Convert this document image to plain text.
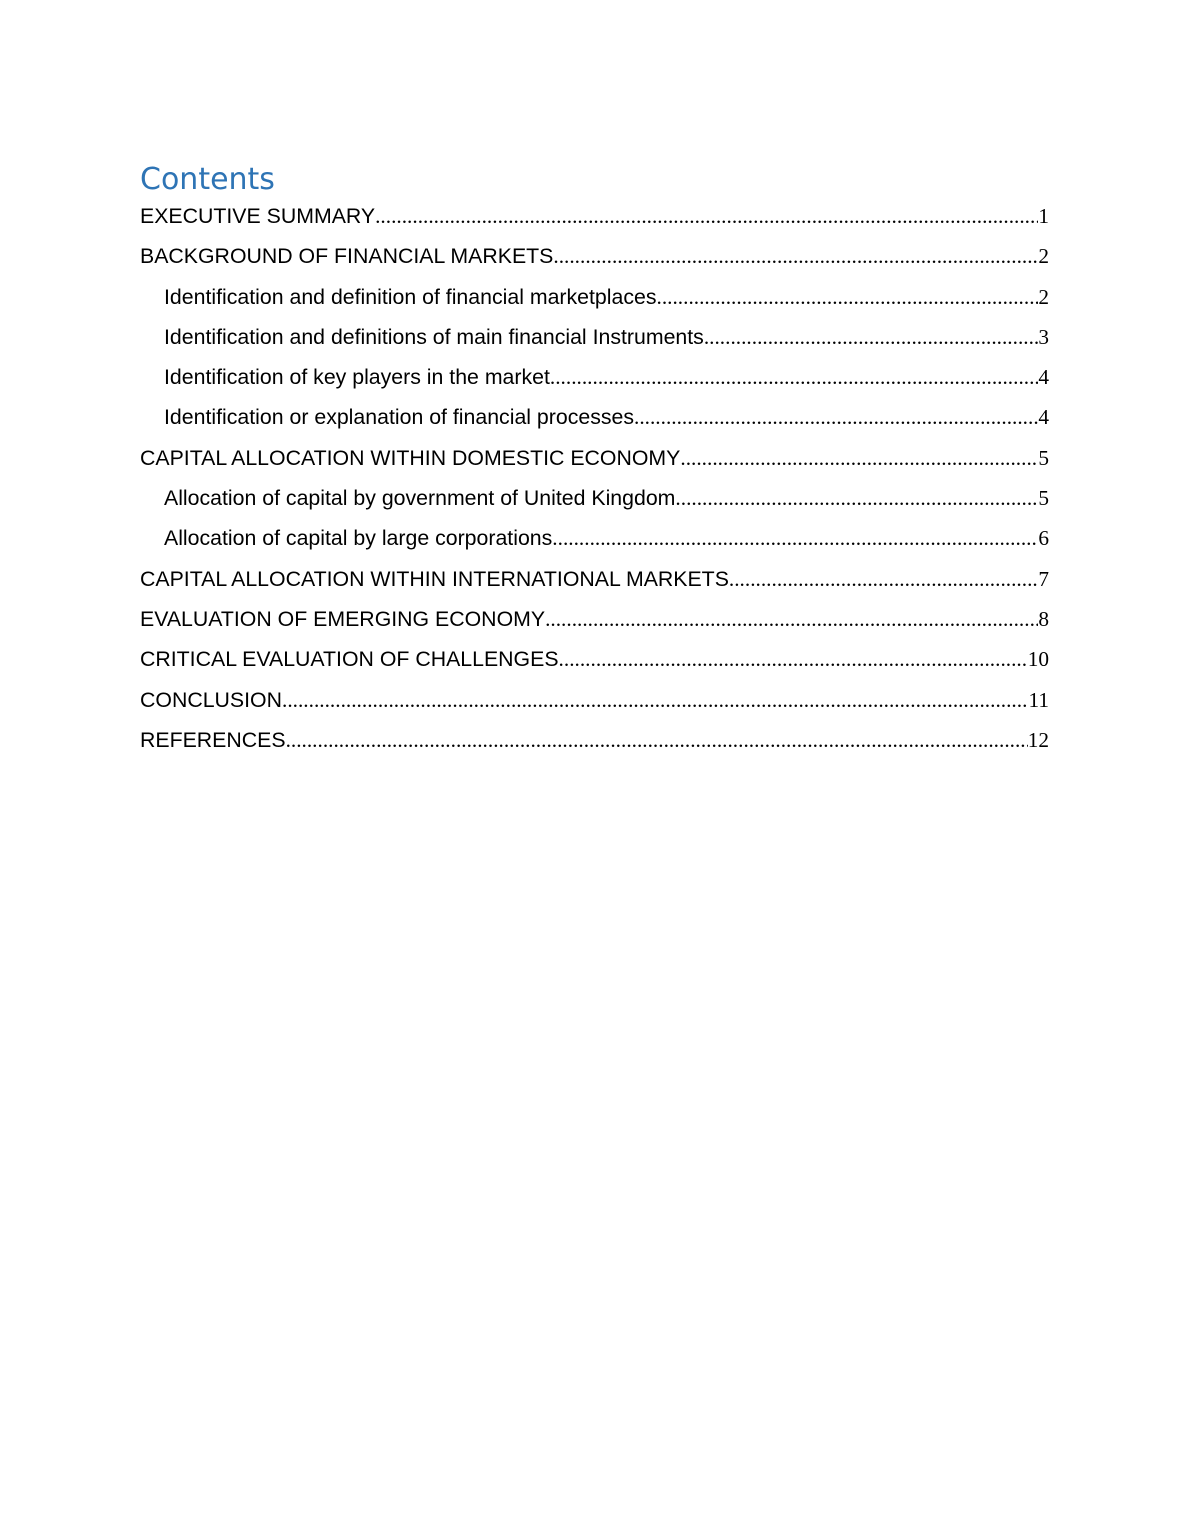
Contents
EXECUTIVE SUMMARY .....	1
BACKGROUND OF FINANCIAL MARKETS .....	2
Identification and definition of financial marketplaces .....	2
Identification and definitions of main financial Instruments .....	3
Identification of key players in the market .....	4
Identification or explanation of financial processes .....	4
CAPITAL ALLOCATION WITHIN DOMESTIC ECONOMY .....	5
Allocation of capital by government of United Kingdom .....	5
Allocation of capital by large corporations .....	6
CAPITAL ALLOCATION WITHIN INTERNATIONAL MARKETS .....	7
EVALUATION OF EMERGING ECONOMY .....	8
CRITICAL EVALUATION OF CHALLENGES .....	10
CONCLUSION .....	11
REFERENCES .....	12
